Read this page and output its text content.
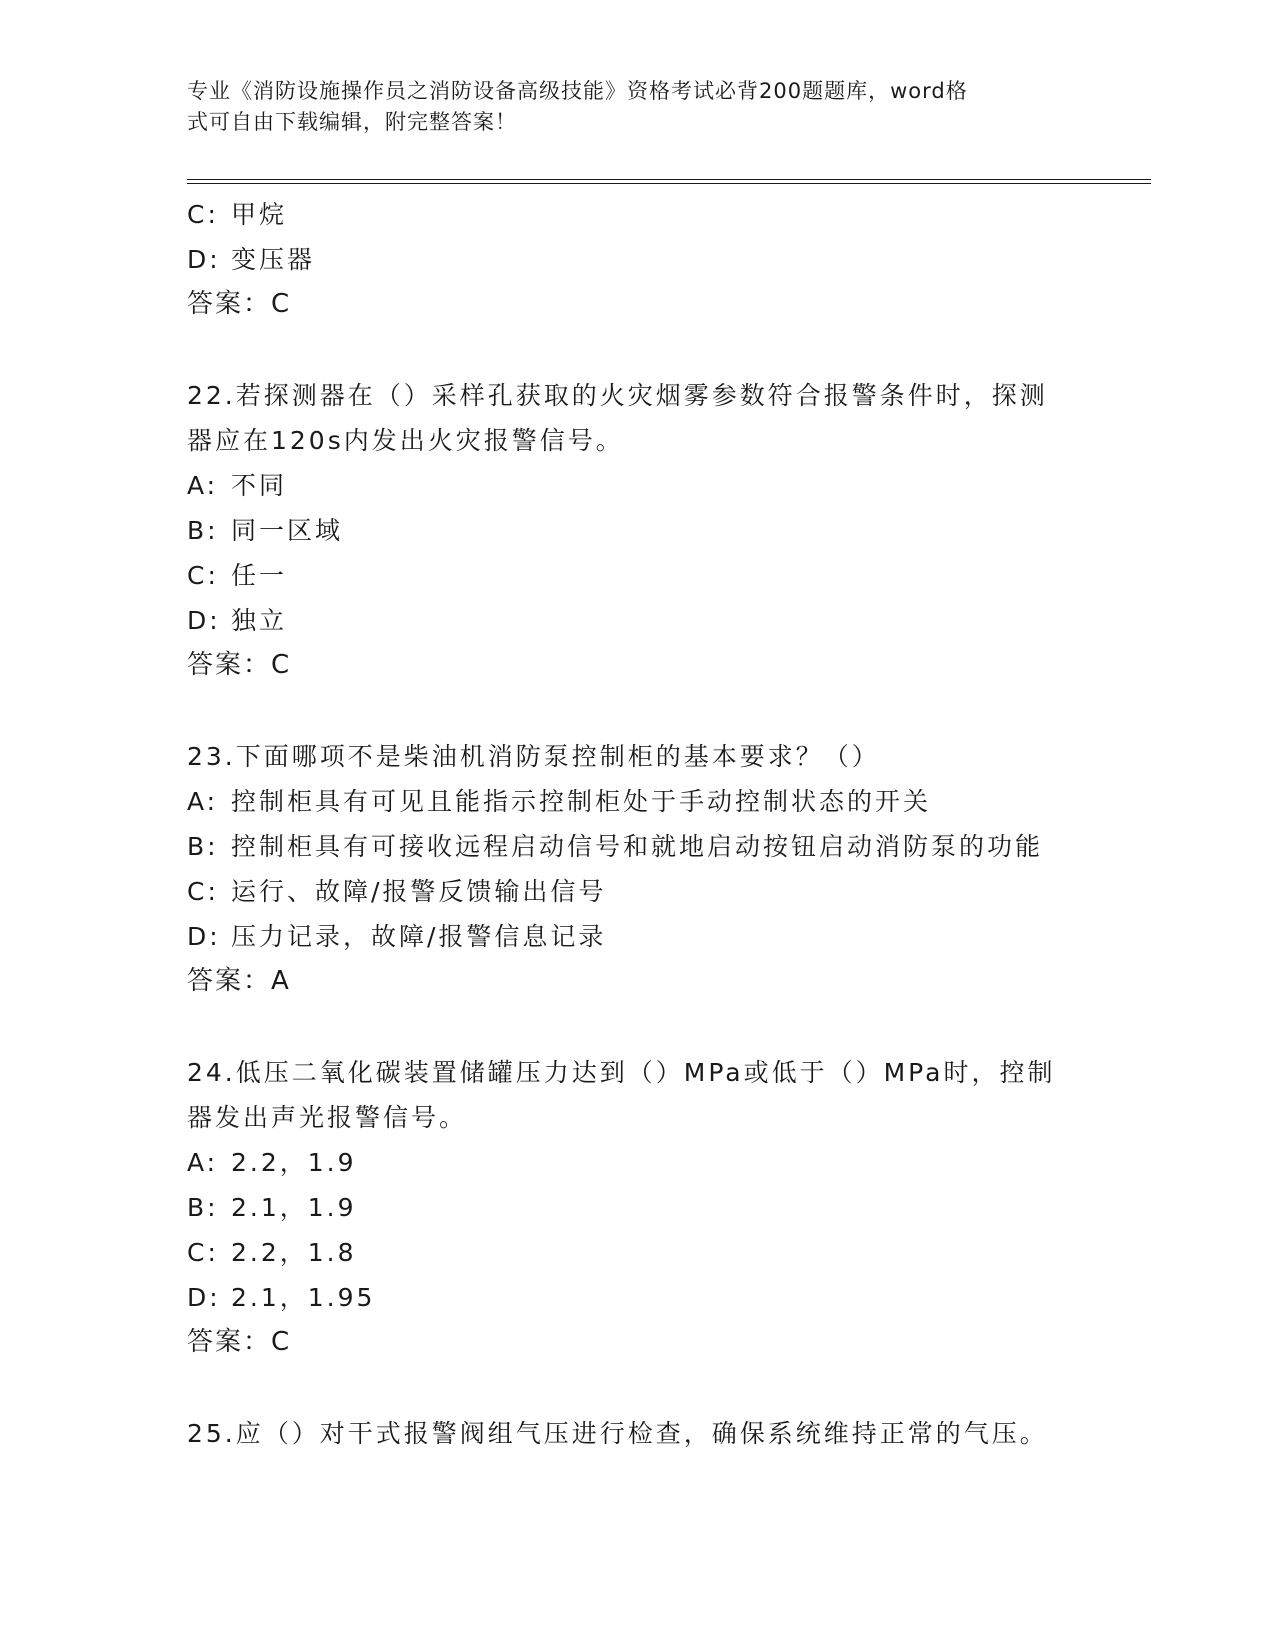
专业《消防设施操作员之消防设备高级技能》资格考试必背200题题库，word格
式可自由下载编辑，附完整答案！
C: 甲烷
D: 变压器
答案：C
22.若探测器在（）采样孔获取的火灾烟雾参数符合报警条件时，探测
器应在120s内发出火灾报警信号。
A: 不同
B: 同一区域
C: 任一
D: 独立
答案：C
23.下面哪项不是柴油机消防泵控制柜的基本要求？（）
A: 控制柜具有可见且能指示控制柜处于手动控制状态的开关
B: 控制柜具有可接收远程启动信号和就地启动按钮启动消防泵的功能
C: 运行、故障/报警反馈输出信号
D: 压力记录，故障/报警信息记录
答案：A
24.低压二氧化碳装置储罐压力达到（）MPa或低于（）MPa时，控制
器发出声光报警信号。
A: 2.2，1.9
B: 2.1，1.9
C: 2.2，1.8
D: 2.1，1.95
答案：C
25.应（）对干式报警阀组气压进行检查，确保系统维持正常的气压。
